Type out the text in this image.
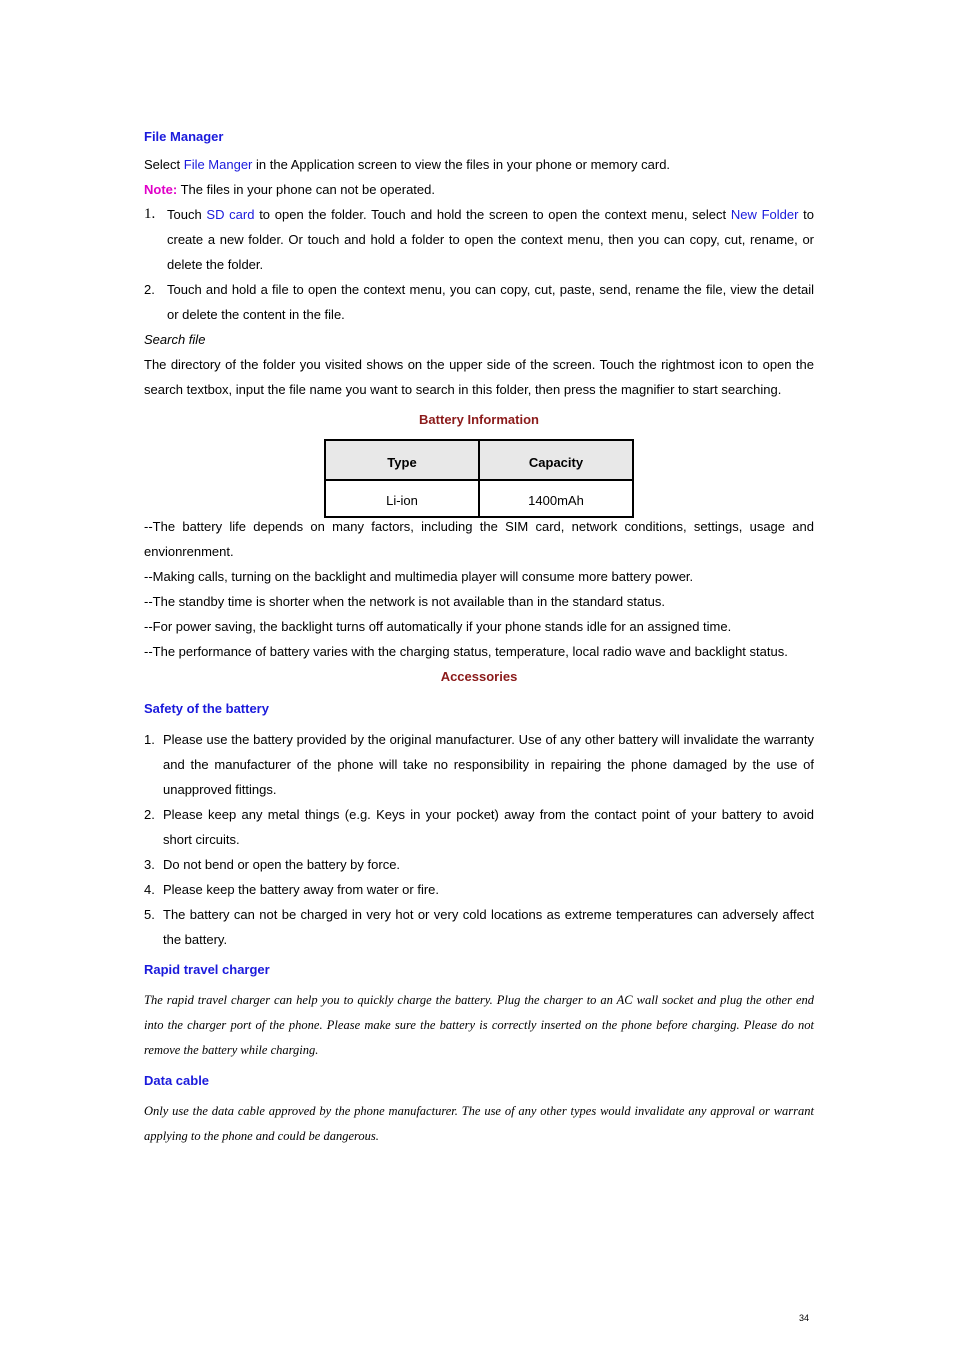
File Manager

Select File Manger in the Application screen to view the files in your phone or memory card.

Note: The files in your phone can not be operated.

1. Touch SD card to open the folder. Touch and hold the screen to open the context menu, select New Folder to create a new folder. Or touch and hold a folder to open the context menu, then you can copy, cut, rename, or delete the folder.
2. Touch and hold a file to open the context menu, you can copy, cut, paste, send, rename the file, view the detail or delete the content in the file.

Search file

The directory of the folder you visited shows on the upper side of the screen. Touch the rightmost icon to open the search textbox, input the file name you want to search in this folder, then press the magnifier to start searching.

Battery Information

Type	Capacity
Li-ion	1400mAh

--The battery life depends on many factors, including the SIM card, network conditions, settings, usage and envionrenment.

--Making calls, turning on the backlight and multimedia player will consume more battery power.

--The standby time is shorter when the network is not available than in the standard status.

--For power saving, the backlight turns off automatically if your phone stands idle for an assigned time.

--The performance of battery varies with the charging status, temperature, local radio wave and backlight status.

Accessories

Safety of the battery

1. Please use the battery provided by the original manufacturer. Use of any other battery will invalidate the warranty and the manufacturer of the phone will take no responsibility in repairing the phone damaged by the use of unapproved fittings.
2. Please keep any metal things (e.g. Keys in your pocket) away from the contact point of your battery to avoid short circuits.
3. Do not bend or open the battery by force.
4. Please keep the battery away from water or fire.
5. The battery can not be charged in very hot or very cold locations as extreme temperatures can adversely affect the battery.

Rapid travel charger

The rapid travel charger can help you to quickly charge the battery. Plug the charger to an AC wall socket and plug the other end into the charger port of the phone. Please make sure the battery is correctly inserted on the phone before charging. Please do not remove the battery while charging.

Data cable

Only use the data cable approved by the phone manufacturer. The use of any other types would invalidate any approval or warrant applying to the phone and could be dangerous.

34
